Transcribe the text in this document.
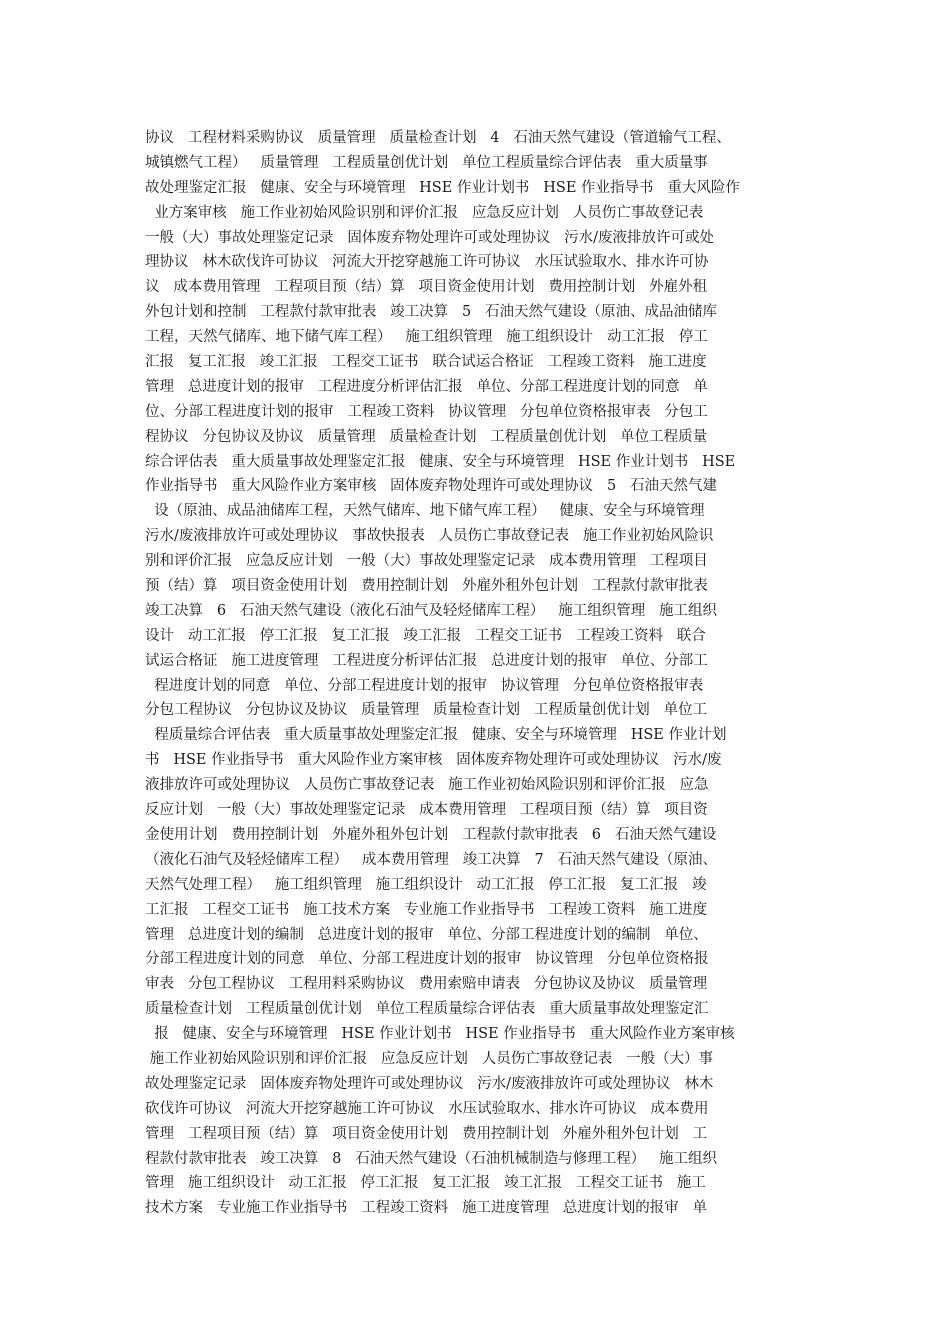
协议   工程材料采购协议   质量管理   质量检查计划   4   石油天然气建设（管道输气工程、
城镇燃气工程）   质量管理   工程质量创优计划   单位工程质量综合评估表   重大质量事
故处理鉴定汇报   健康、安全与环境管理   HSE 作业计划书   HSE 作业指导书   重大风险作
业方案审核   施工作业初始风险识别和评价汇报   应急反应计划   人员伤亡事故登记表
一般（大）事故处理鉴定记录   固体废弃物处理许可或处理协议   污水/废液排放许可或处
理协议   林木砍伐许可协议   河流大开挖穿越施工许可协议   水压试验取水、排水许可协
议   成本费用管理   工程项目预（结）算   项目资金使用计划   费用控制计划   外雇外租
外包计划和控制   工程款付款审批表   竣工决算   5   石油天然气建设（原油、成品油储库
工程，天然气储库、地下储气库工程）   施工组织管理   施工组织设计   动工汇报   停工
汇报   复工汇报   竣工汇报   工程交工证书   联合试运合格证   工程竣工资料   施工进度
管理   总进度计划的报审   工程进度分析评估汇报   单位、分部工程进度计划的同意   单
位、分部工程进度计划的报审   工程竣工资料   协议管理   分包单位资格报审表   分包工
程协议   分包协议及协议   质量管理   质量检查计划   工程质量创优计划   单位工程质量
综合评估表   重大质量事故处理鉴定汇报   健康、安全与环境管理   HSE 作业计划书   HSE
作业指导书   重大风险作业方案审核   固体废弃物处理许可或处理协议   5   石油天然气建
设（原油、成品油储库工程，天然气储库、地下储气库工程）   健康、安全与环境管理
污水/废液排放许可或处理协议   事故快报表   人员伤亡事故登记表   施工作业初始风险识
别和评价汇报   应急反应计划   一般（大）事故处理鉴定记录   成本费用管理   工程项目
预（结）算   项目资金使用计划   费用控制计划   外雇外租外包计划   工程款付款审批表
竣工决算   6   石油天然气建设（液化石油气及轻烃储库工程）   施工组织管理   施工组织
设计   动工汇报   停工汇报   复工汇报   竣工汇报   工程交工证书   工程竣工资料   联合
试运合格证   施工进度管理   工程进度分析评估汇报   总进度计划的报审   单位、分部工
程进度计划的同意   单位、分部工程进度计划的报审   协议管理   分包单位资格报审表
分包工程协议   分包协议及协议   质量管理   质量检查计划   工程质量创优计划   单位工
程质量综合评估表   重大质量事故处理鉴定汇报   健康、安全与环境管理   HSE 作业计划
书   HSE 作业指导书   重大风险作业方案审核   固体废弃物处理许可或处理协议   污水/废
液排放许可或处理协议   人员伤亡事故登记表   施工作业初始风险识别和评价汇报   应急
反应计划   一般（大）事故处理鉴定记录   成本费用管理   工程项目预（结）算   项目资
金使用计划   费用控制计划   外雇外租外包计划   工程款付款审批表   6   石油天然气建设
（液化石油气及轻烃储库工程）   成本费用管理   竣工决算   7   石油天然气建设（原油、
天然气处理工程）   施工组织管理   施工组织设计   动工汇报   停工汇报   复工汇报   竣
工汇报   工程交工证书   施工技术方案   专业施工作业指导书   工程竣工资料   施工进度
管理   总进度计划的编制   总进度计划的报审   单位、分部工程进度计划的编制   单位、
分部工程进度计划的同意   单位、分部工程进度计划的报审   协议管理   分包单位资格报
审表   分包工程协议   工程用料采购协议   费用索赔申请表   分包协议及协议   质量管理
质量检查计划   工程质量创优计划   单位工程质量综合评估表   重大质量事故处理鉴定汇
报   健康、安全与环境管理   HSE 作业计划书   HSE 作业指导书   重大风险作业方案审核
施工作业初始风险识别和评价汇报   应急反应计划   人员伤亡事故登记表   一般（大）事
故处理鉴定记录   固体废弃物处理许可或处理协议   污水/废液排放许可或处理协议   林木
砍伐许可协议   河流大开挖穿越施工许可协议   水压试验取水、排水许可协议   成本费用
管理   工程项目预（结）算   项目资金使用计划   费用控制计划   外雇外租外包计划   工
程款付款审批表   竣工决算   8   石油天然气建设（石油机械制造与修理工程）   施工组织
管理   施工组织设计   动工汇报   停工汇报   复工汇报   竣工汇报   工程交工证书   施工
技术方案   专业施工作业指导书   工程竣工资料   施工进度管理   总进度计划的报审   单
